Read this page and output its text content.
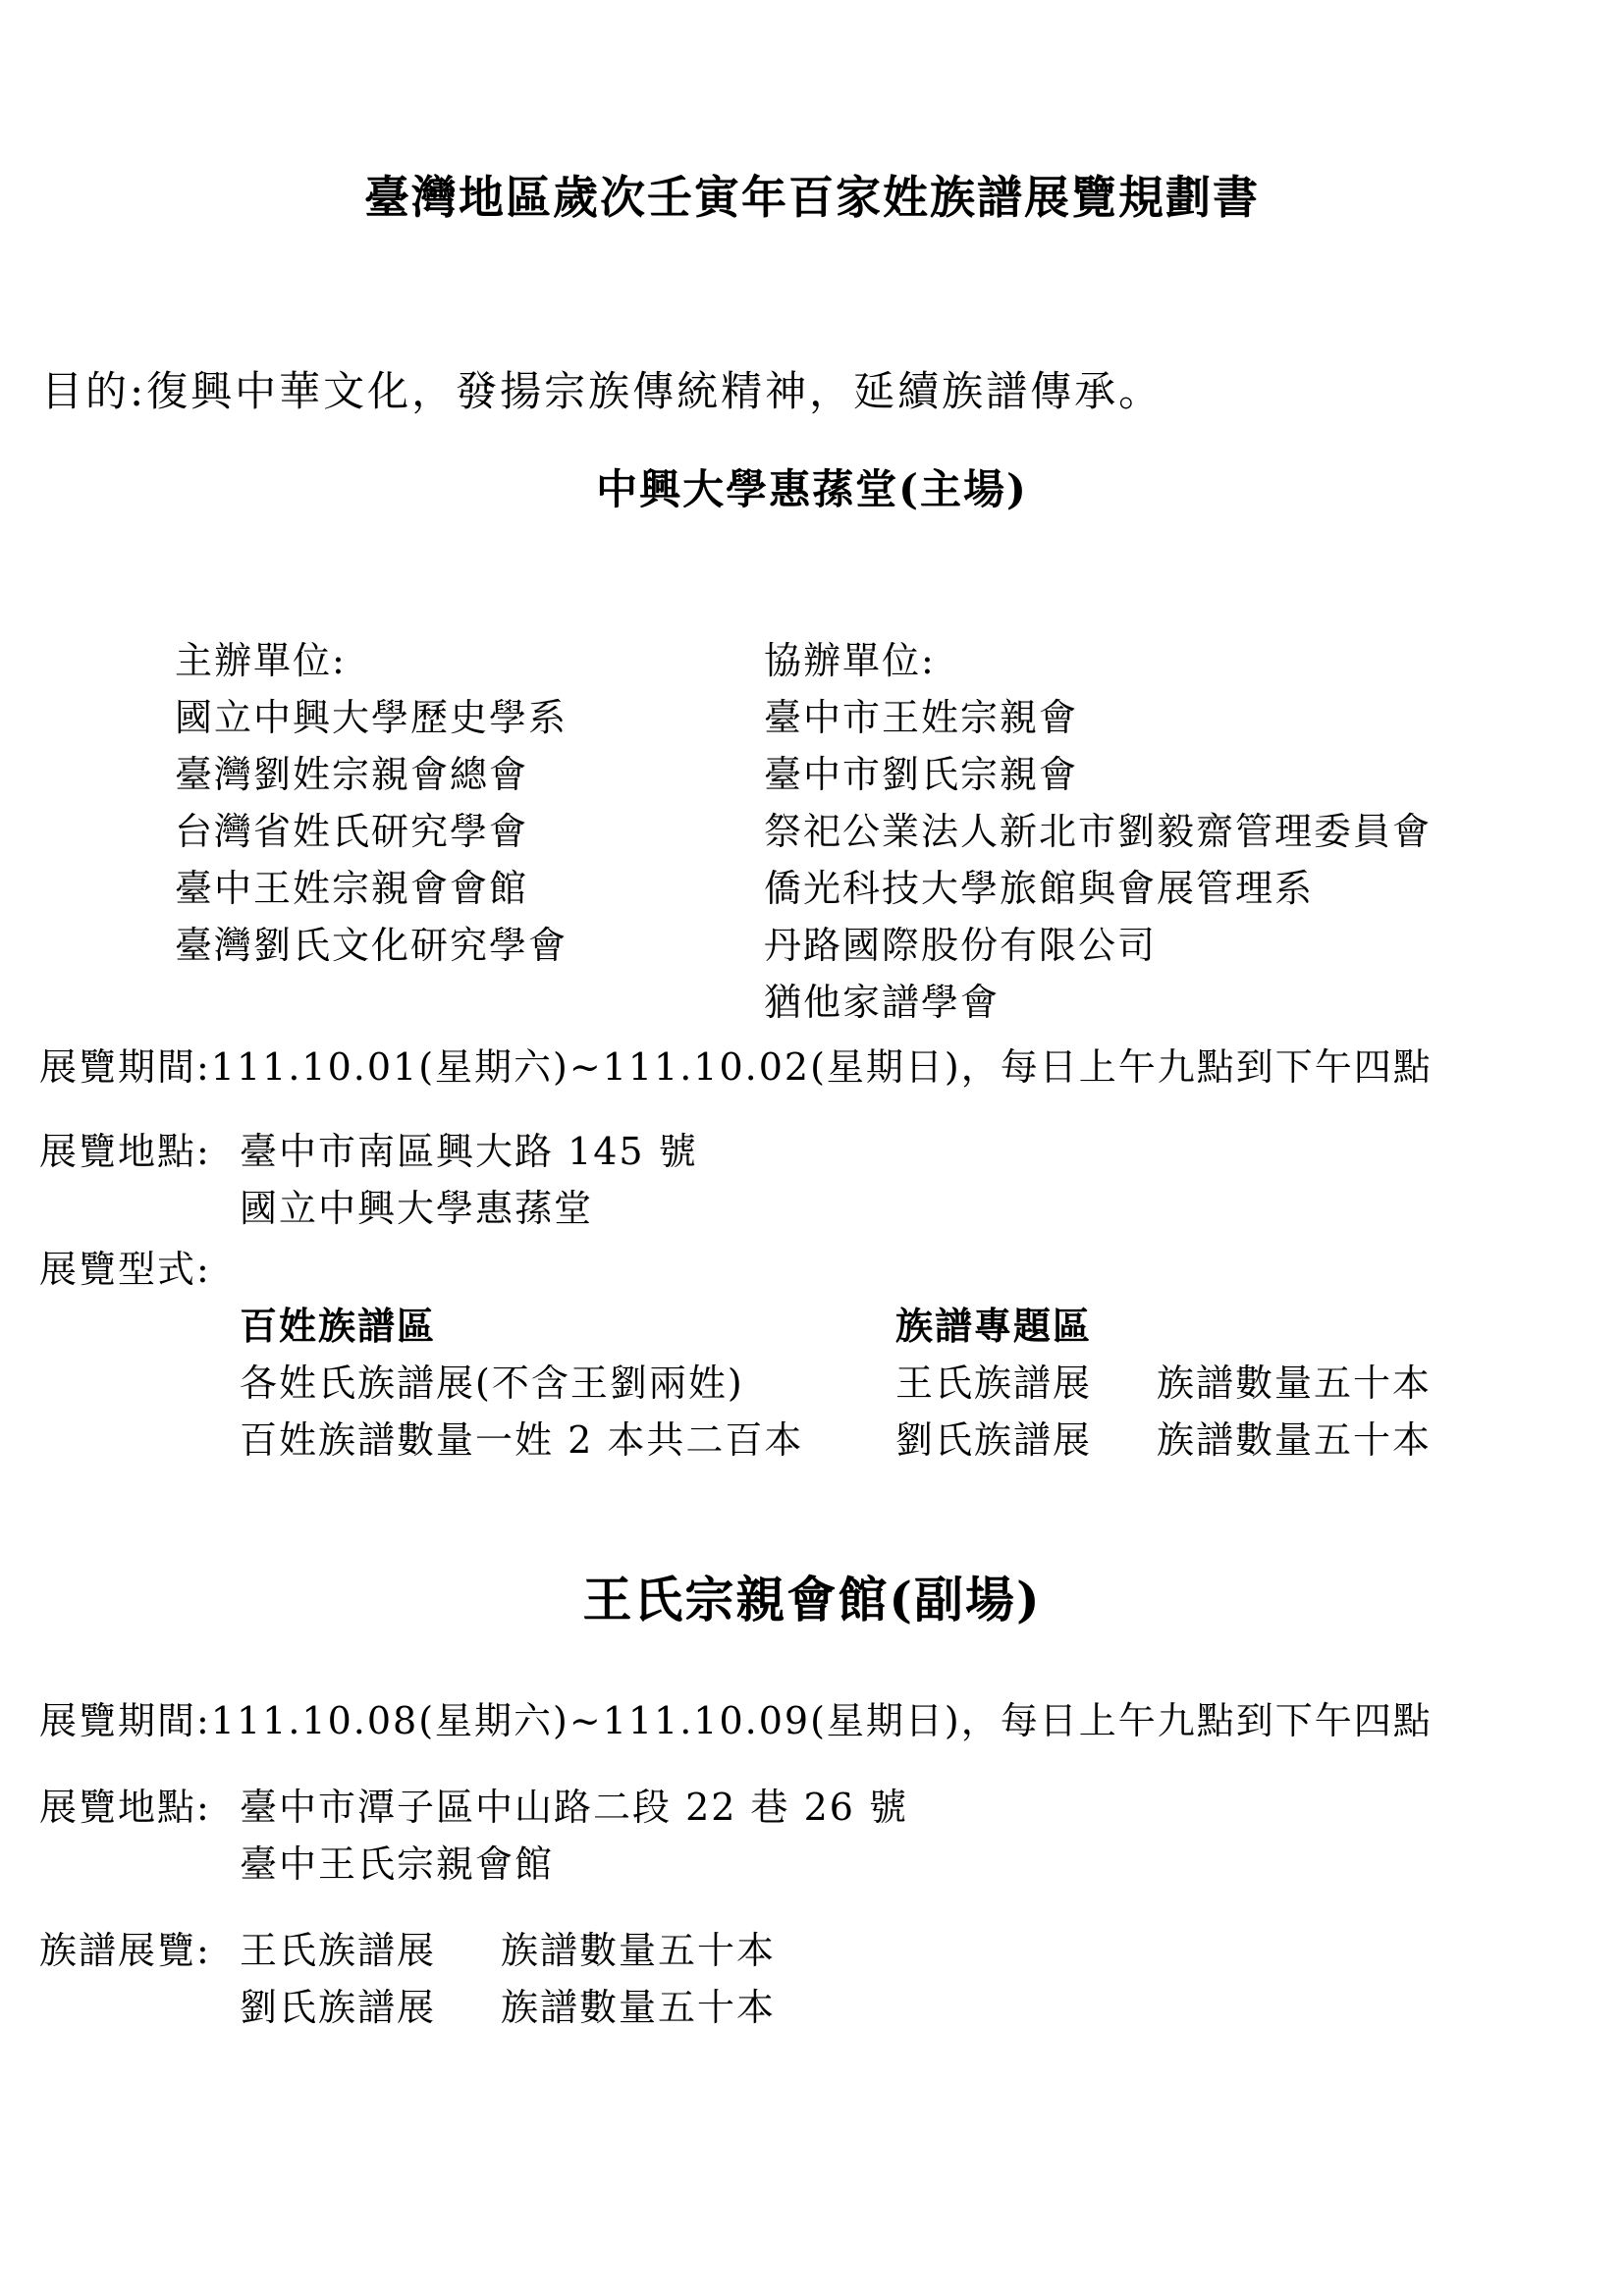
臺灣地區歲次壬寅年百家姓族譜展覽規劃書
目的:復興中華文化，發揚宗族傳統精神，延續族譜傳承。
中興大學惠蓀堂(主場)
主辦單位:
國立中興大學歷史學系
臺灣劉姓宗親會總會
台灣省姓氏研究學會
臺中王姓宗親會會館
臺灣劉氏文化研究學會
協辦單位:
臺中市王姓宗親會
臺中市劉氏宗親會
祭祀公業法人新北市劉毅齋管理委員會
僑光科技大學旅館與會展管理系
丹路國際股份有限公司
猶他家譜學會
展覽期間:111.10.01(星期六)~111.10.02(星期日)，每日上午九點到下午四點
展覽地點: 臺中市南區興大路 145 號
國立中興大學惠蓀堂
展覽型式:
百姓族譜區
各姓氏族譜展(不含王劉兩姓)
百姓族譜數量一姓 2 本共二百本
族譜專題區
王氏族譜展 族譜數量五十本
劉氏族譜展 族譜數量五十本
王氏宗親會館(副場)
展覽期間:111.10.08(星期六)~111.10.09(星期日)，每日上午九點到下午四點
展覽地點: 臺中市潭子區中山路二段 22 巷 26 號
臺中王氏宗親會館
族譜展覽: 王氏族譜展 族譜數量五十本
劉氏族譜展 族譜數量五十本
